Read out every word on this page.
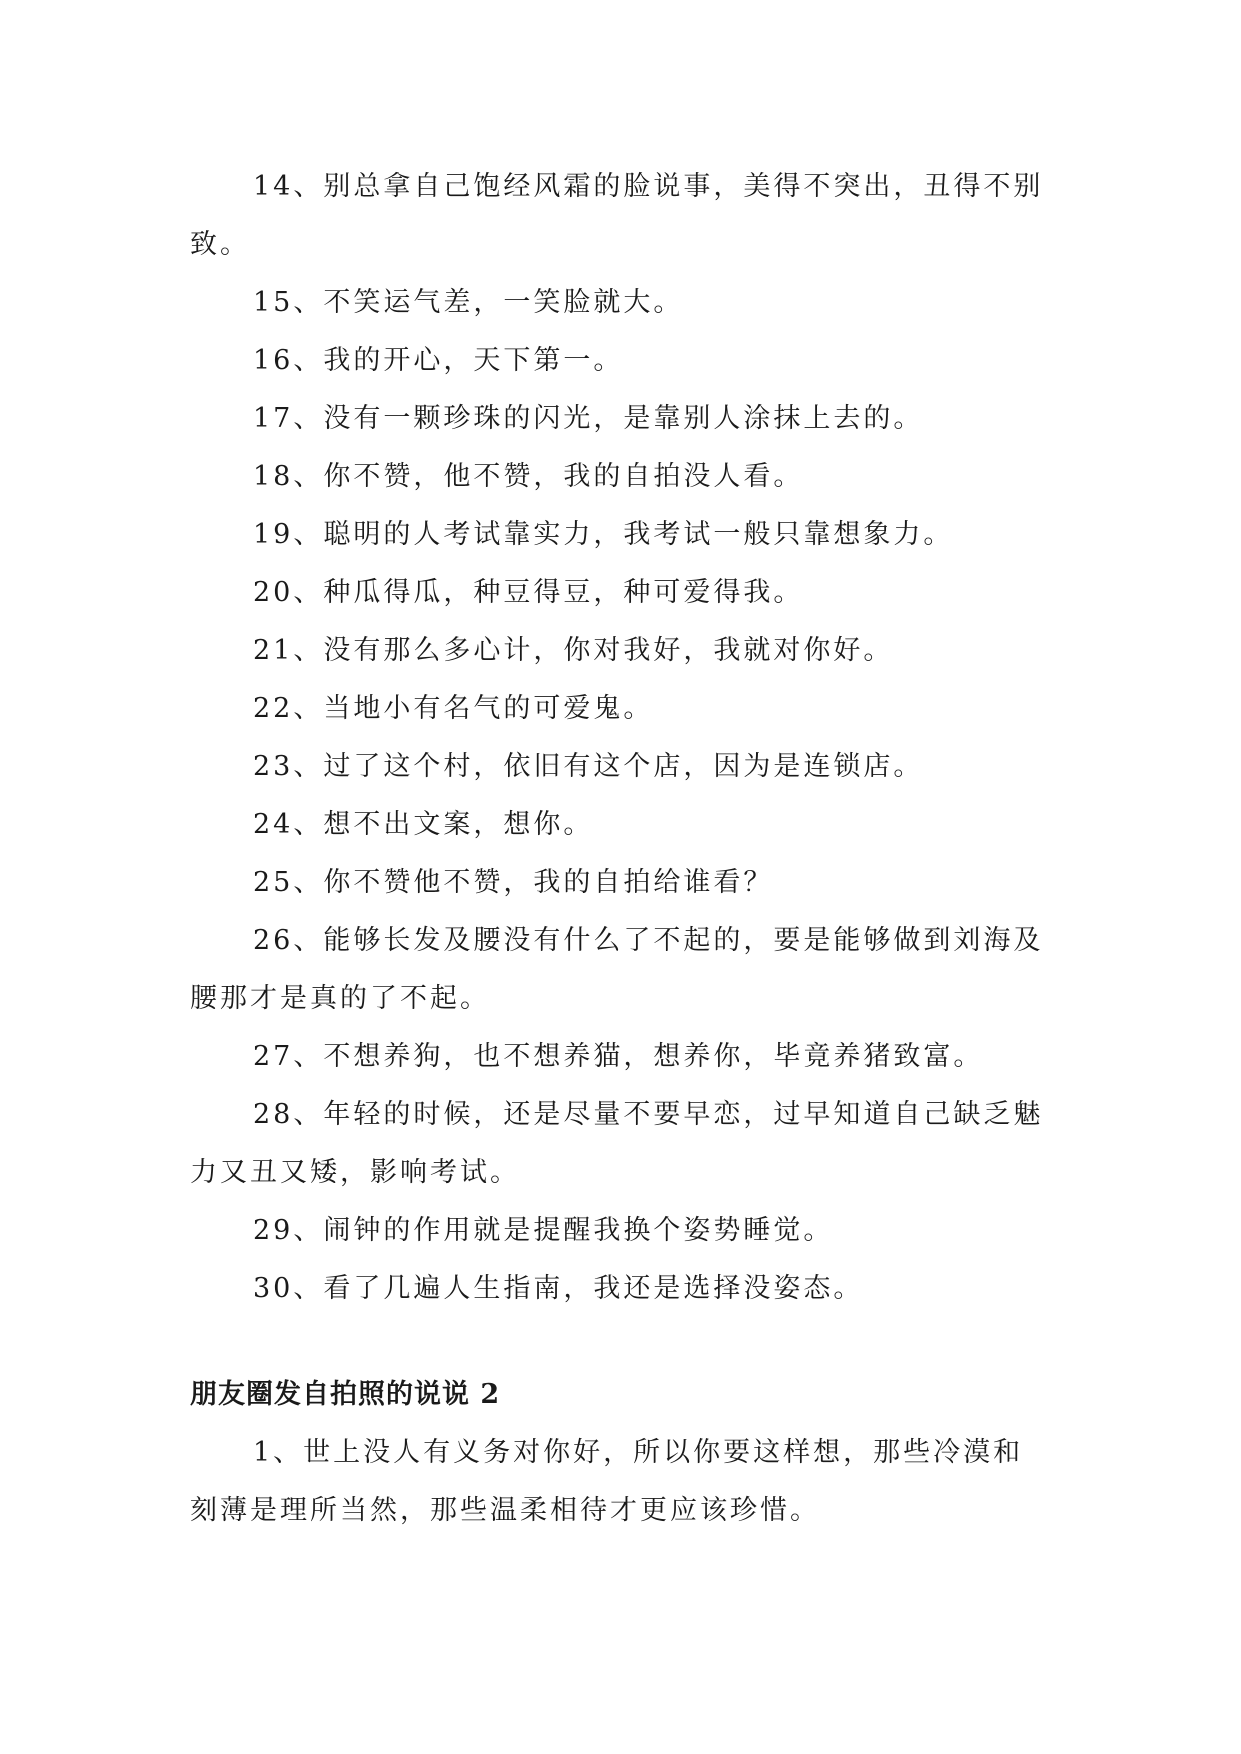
14、别总拿自己饱经风霜的脸说事，美得不突出，丑得不别致。

15、不笑运气差，一笑脸就大。

16、我的开心，天下第一。

17、没有一颗珍珠的闪光，是靠别人涂抹上去的。

18、你不赞，他不赞，我的自拍没人看。

19、聪明的人考试靠实力，我考试一般只靠想象力。

20、种瓜得瓜，种豆得豆，种可爱得我。

21、没有那么多心计，你对我好，我就对你好。

22、当地小有名气的可爱鬼。

23、过了这个村，依旧有这个店，因为是连锁店。

24、想不出文案，想你。

25、你不赞他不赞，我的自拍给谁看？

26、能够长发及腰没有什么了不起的，要是能够做到刘海及腰那才是真的了不起。

27、不想养狗，也不想养猫，想养你，毕竟养猪致富。

28、年轻的时候，还是尽量不要早恋，过早知道自己缺乏魅力又丑又矮，影响考试。

29、闹钟的作用就是提醒我换个姿势睡觉。

30、看了几遍人生指南，我还是选择没姿态。

朋友圈发自拍照的说说 2

1、世上没人有义务对你好，所以你要这样想，那些冷漠和刻薄是理所当然，那些温柔相待才更应该珍惜。
